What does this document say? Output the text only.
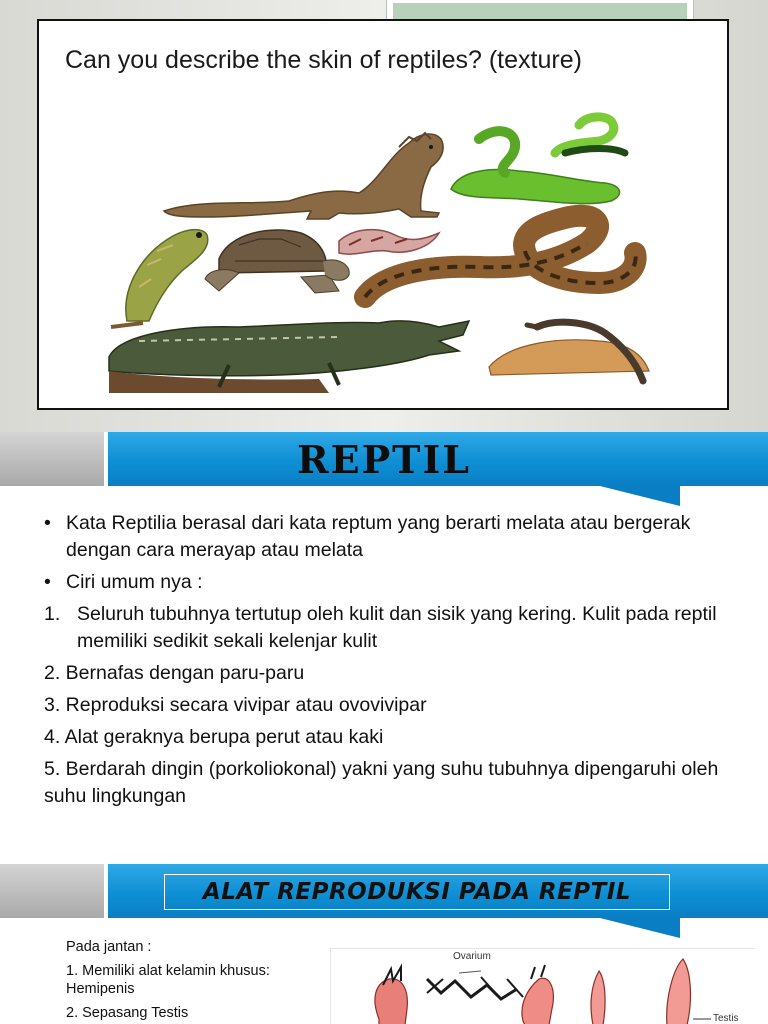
Can you describe the skin of reptiles? (texture)
REPTIL

• Kata Reptilia berasal dari kata reptum yang berarti melata atau bergerak dengan cara merayap atau melata

• Ciri umum nya :

1. Seluruh tubuhnya tertutup oleh kulit dan sisik yang kering. Kulit pada reptil memiliki sedikit sekali kelenjar kulit

2. Bernafas dengan paru-paru

3. Reproduksi secara vivipar atau ovovivipar

4. Alat geraknya berupa perut atau kaki

5. Berdarah dingin (porkoliokonal) yakni yang suhu tubuhnya dipengaruhi oleh suhu lingkungan

ALAT REPRODUKSI PADA REPTIL

Pada jantan :

1. Memiliki alat kelamin khusus: Hemipenis

2. Sepasang Testis

Ovarium
Testis
